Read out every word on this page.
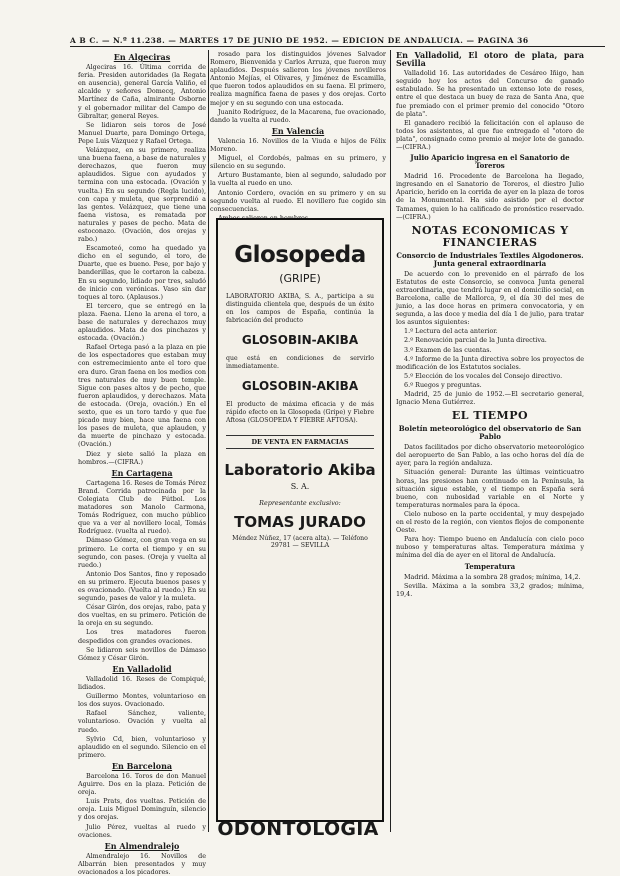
A B C. — N.º 11.238. — MARTES 17 DE JUNIO DE 1952. — EDICION DE ANDALUCIA. — PAGINA 36
En Algeciras

Algeciras 16. Última corrida de feria. Presiden autoridades (la Regata en ausencia), general García Valiño, el alcalde y señores Domecq, Antonio Martínez de Caña, almirante Osborne y el gobernador militar del Campo de Gibraltar, general Reyes.

Se lidiaron seis toros de José Manuel Duarte, para Domingo Ortega, Pepe Luis Vázquez y Rafael Ortega.

Velázquez, en su primero, realiza una buena faena, a base de naturales y derechazos, que fueron muy aplaudidos. Sigue con ayudados y termina con una estocada. (Ovación y vuelta.) En su segundo (Regla lucido), con capa y muleta, que sorprendió a las gentes. Velázquez, que tiene una faena vistosa, es rematada por naturales y pases de pecho. Mata de estoconazo. (Ovación, dos orejas y rabo.)

Escamoteó, como ha quedado ya dicho en el segundo, el toro, de Duarte, que es bueno. Pese, por bajo y banderillas, que le cortaron la cabeza. En su segundo, lidiado por tres, saludó de inicio con verónicas. Vaso sin dar toques al toro. (Aplausos.)

El tercero, que se entregó en la plaza. Faena. Lleno la arena el toro, a base de naturales y derechazos muy aplaudidos. Mata de dos pinchazos y estocada. (Ovación.)

Rafael Ortega pasó a la plaza en pie de los espectadores que estaban muy con estremecimiento ante el toro que era duro. Gran faena en los medios con tres naturales de muy buen temple. Sigue con pases altos y de pecho, que fueron aplaudidos, y derechazos. Mata de estocada. (Oreja, ovación.) En el sexto, que es un toro tardo y que fue picado muy bien, hace una faena con los pases de muleta, que aplauden, y da muerte de pinchazo y estocada. (Ovación.)

Diez y siete salió la plaza en hombros.—(CIFRA.)

En Cartagena

Cartagena 16. Reses de Tomás Pérez Brand. Corrida patrocinada por la Colegiata Club de Fútbol. Los matadores son Manolo Carmona, Tomás Rodríguez, con mucho público que va a ver al novillero local, Tomás Rodríguez. (vuelta al ruedo).

Dámaso Gómez, con gran vega en su primero. Le corta el tiempo y en su segundo, con pases. (Oreja y vuelta al ruedo.)

Antonio Dos Santos, fino y reposado en su primero. Ejecuta buenos pases y es ovacionado. (Vuelta al ruedo.) En su segundo, pases de valor y la muleta.

César Girón, dos orejas, rabo, pata y dos vueltas, en su primero. Petición de la oreja en su segundo.

Los tres matadores fueron despedidos con grandes ovaciones.

Se lidiaron seis novillos de Dámaso Gómez y César Girón.

En Valladolid

Valladolid 16. Reses de Compiqué, lidiados.

Guillermo Montes, voluntarioso en los dos suyos. Ovacionado.

Rafael Sánchez, valiente, voluntarioso. Ovación y vuelta al ruedo.

Sylvio Cd, bien, voluntarioso y aplaudido en el segundo. Silencio en el primero.

En Barcelona

Barcelona 16. Toros de don Manuel Aguirre. Dos en la plaza. Petición de oreja.

Luis Prats, dos vueltas. Petición de oreja. Luis Miguel Dominguín, silencio y dos orejas.

Julio Pérez, vueltas al ruedo y ovaciones.

En Almendralejo

Almendralejo 16. Novillos de Albarrán bien presentados y muy ovacionados a los picadores.

rosado para los distinguidos jóvenes Salvador Romero, Bienvenida y Carlos Arruza, que fueron muy aplaudidos. Después salieron los jóvenes novilleros Antonio Mejías, el Olivares, y Jiménez de Escamilla, que fueron todos aplaudidos en su faena. El primero, realiza magnífica faena de pases y dos orejas. Corto mejor y en su segundo con una estocada.

Juanito Rodríguez, de la Macarena, fue ovacionado, dando la vuelta al ruedo.

En Valencia

Valencia 16. Novillos de la Viuda e hijos de Félix Moreno.

Miguel, el Cordobés, palmas en su primero, y silencio en su segundo.

Arturo Bustamante, bien al segundo, saludado por la vuelta al ruedo en uno.

Antonio Cordero, ovación en su primero y en su segundo vuelta al ruedo. El novillero fue cogido sin consecuencias.

Glosopeda
(GRIPE)
LABORATORIO AKIBA, S. A., participa a su distinguida clientela que, después de un éxito en los campos de España, continúa la fabricación del producto
GLOSOBIN-AKIBA
que está en condiciones de servirlo inmediatamente.
GLOSOBIN-AKIBA
El producto de máxima eficacia y de más rápido efecto en la Glosopeda (Gripe) y Fiebre Aftosa (GLOSOPEDA Y FIEBRE AFTOSA).
DE VENTA EN FARMACIAS
Laboratorio Akiba
S. A.
Representante exclusivo:
TOMAS JURADO
Méndez Núñez, 17 (acera alta). — Teléfono 29781 — SEVILLA
ODONTOLOGIA
En Valladolid, El otoro de plata, para Sevilla

Valladolid 16. Las autoridades de Cesáreo Iñigo, han seguido hoy los actos del Concurso de ganado estabulado. Se ha presentado un extenso lote de reses, entre el que destaca un buey de raza de Santa Ana, que fue premiado con el primer premio del conocido "Otoro de plata".

El ganadero recibió la felicitación con el aplauso de todos los asistentes, al que fue entregado el "otoro de plata", consignado como premio al mejor lote de ganado.—(CIFRA.)

Julio Aparicio ingresa en el Sanatorio de Toreros

Madrid 16. Procedente de Barcelona ha llegado, ingresando en el Sanatorio de Toreros, el diestro Julio Aparicio, herido en la corrida de ayer en la plaza de toros de la Monumental. Ha sido asistido por el doctor Tamames, quien lo ha calificado de pronóstico reservado.—(CIFRA.)

NOTAS ECONOMICAS Y FINANCIERAS
Consorcio de Industriales Textiles Algodoneros. Junta general extraordinaria

De acuerdo con lo prevenido en el párrafo de los Estatutos de este Consorcio, se convoca Junta general extraordinaria, que tendrá lugar en el domicilio social, en Barcelona, calle de Mallorca, 9, el día 30 del mes de junio, a las doce horas en primera convocatoria, y en segunda, a las doce y media del día 1 de julio, para tratar los asuntos siguientes:

1.º Lectura del acta anterior.

2.º Renovación parcial de la Junta directiva.

3.º Examen de las cuentas.

4.º Informe de la Junta directiva sobre los proyectos de modificación de los Estatutos sociales.

5.º Elección de los vocales del Consejo directivo.

6.º Ruegos y preguntas.

Madrid, 25 de junio de 1952.—El secretario general, Ignacio Mena Gutiérrez.

EL TIEMPO
Boletín meteorológico del observatorio de San Pablo

Datos facilitados por dicho observatorio meteorológico del aeropuerto de San Pablo, a las ocho horas del día de ayer, para la región andaluza.

Situación general: Durante las últimas veinticuatro horas, las presiones han continuado en la Península, la situación sigue estable, y el tiempo en España será bueno, con nubosidad variable en el Norte y temperaturas normales para la época.

Cielo nuboso en la parte occidental, y muy despejado en el resto de la región, con vientos flojos de componente Oeste.

Para hoy: Tiempo bueno en Andalucía con cielo poco nuboso y temperaturas altas. Temperatura máxima y mínima del día de ayer en el litoral de Andalucía.

Temperatura

Madrid. Máxima a la sombra 28 grados; mínima, 14,2.

Sevilla. Máxima a la sombra 33,2 grados; mínima, 19,4.
